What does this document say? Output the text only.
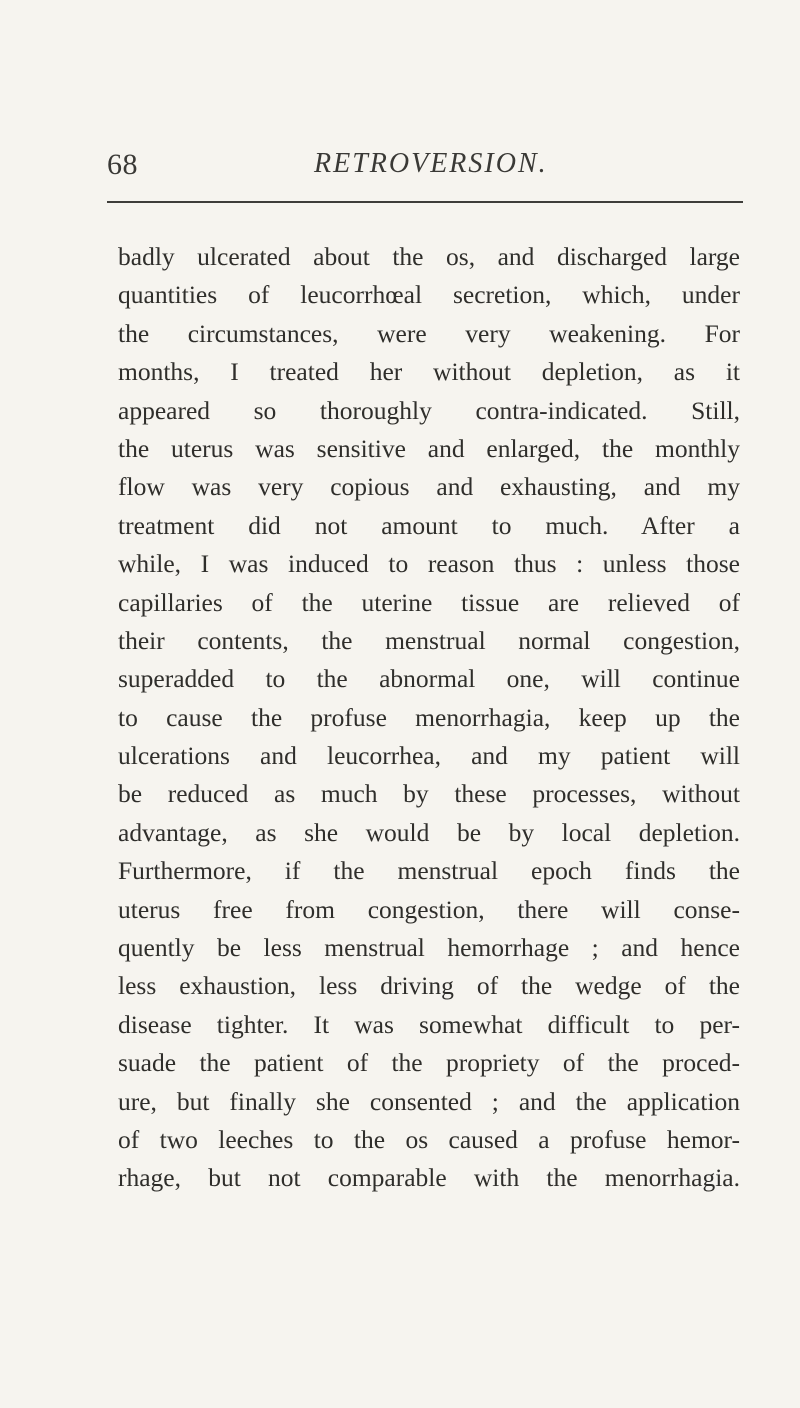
68	RETROVERSION.
badly ulcerated about the os, and discharged large
quantities of leucorrhœal secretion, which, under
the circumstances, were very weakening. For
months, I treated her without depletion, as it
appeared so thoroughly contra-indicated. Still,
the uterus was sensitive and enlarged, the monthly
flow was very copious and exhausting, and my
treatment did not amount to much. After a
while, I was induced to reason thus : unless those
capillaries of the uterine tissue are relieved of
their contents, the menstrual normal congestion,
superadded to the abnormal one, will continue
to cause the profuse menorrhagia, keep up the
ulcerations and leucorrhea, and my patient will
be reduced as much by these processes, without
advantage, as she would be by local depletion.
Furthermore, if the menstrual epoch finds the
uterus free from congestion, there will conse-
quently be less menstrual hemorrhage ; and hence
less exhaustion, less driving of the wedge of the
disease tighter. It was somewhat difficult to per-
suade the patient of the propriety of the proced-
ure, but finally she consented ; and the application
of two leeches to the os caused a profuse hemor-
rhage, but not comparable with the menorrhagia.
